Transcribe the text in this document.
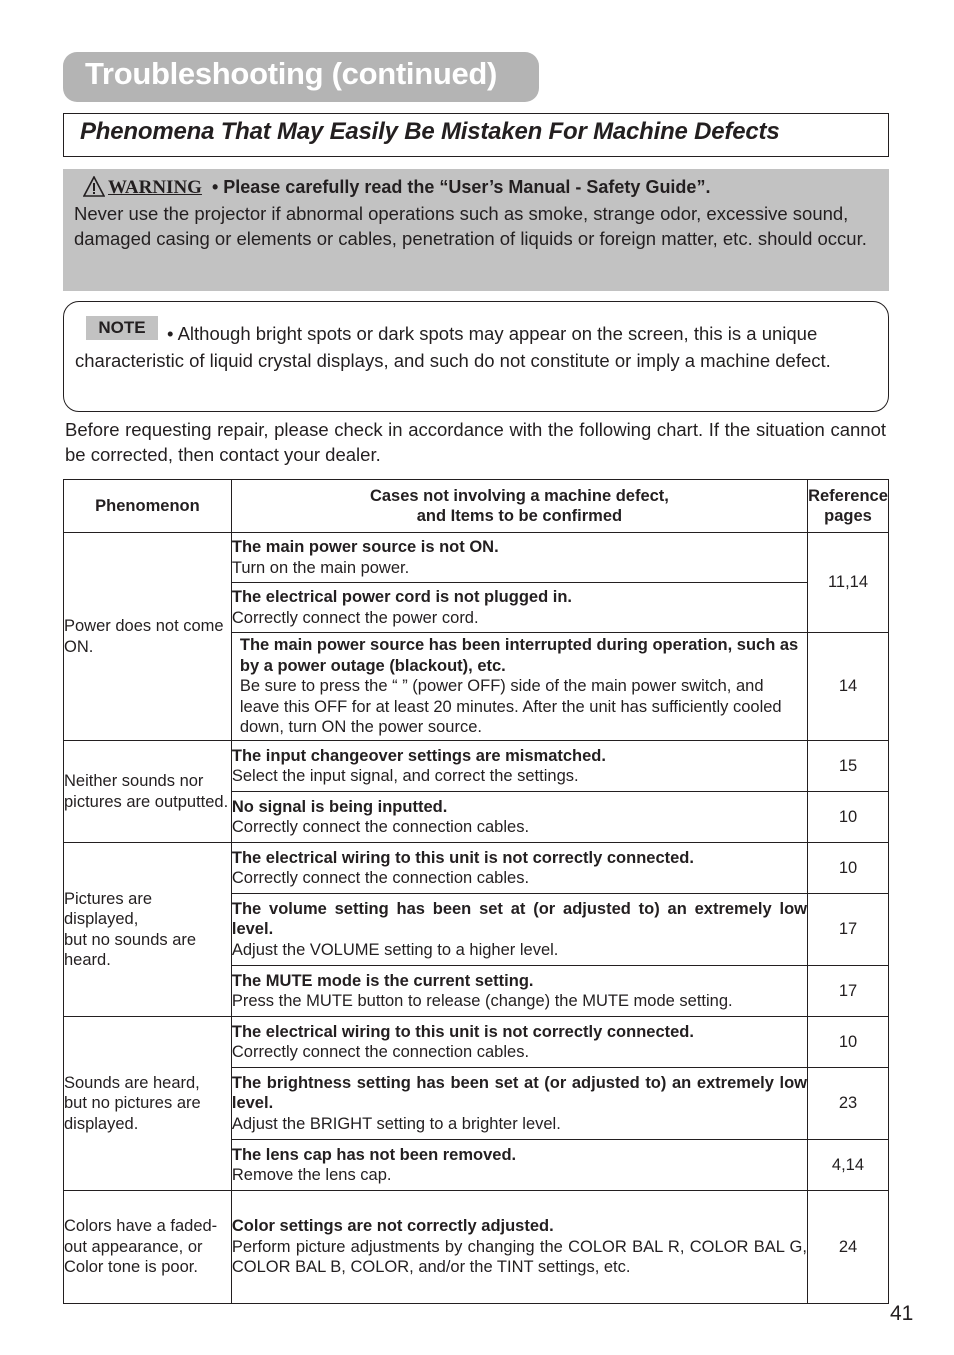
Troubleshooting (continued)
Phenomena That May Easily Be Mistaken For Machine Defects
WARNING • Please carefully read the “User’s Manual - Safety Guide”.
Never use the projector if abnormal operations such as smoke, strange odor, excessive sound, damaged casing or elements or cables, penetration of liquids or foreign matter, etc. should occur.
• Although bright spots or dark spots may appear on the screen, this is a unique characteristic of liquid crystal displays, and such do not constitute or imply a machine defect.
NOTE
Before requesting repair, please check in accordance with the following chart. If the situation cannot be corrected, then contact your dealer.
Phenomenon	Cases not involving a machine defect,
and Items to be confirmed	Reference
pages
Power does not come ON.	The main power source is not ON.
Turn on the main power.	11,14

	The electrical power cord is not plugged in.
Correctly connect the power cord.	

	The main power source has been interrupted during operation, such as by a power outage (blackout), etc.
Be sure to press the “ ” (power OFF) side of the main power switch, and leave this OFF for at least 20 minutes. After the unit has sufficiently cooled down, turn ON the power source.	14
Neither sounds nor pictures are outputted.	The input changeover settings are mismatched.
Select the input signal, and correct the settings.	15

	No signal is being inputted.
Correctly connect the connection cables.	10
Pictures are displayed,
but no sounds are heard.	The electrical wiring to this unit is not correctly connected.
Correctly connect the connection cables.	10

	The volume setting has been set at (or adjusted to) an extremely low level.
Adjust the VOLUME setting to a higher level.	17

	The MUTE mode is the current setting.
Press the MUTE button to release (change) the MUTE mode setting.	17
Sounds are heard,
but no pictures are displayed.	The electrical wiring to this unit is not correctly connected.
Correctly connect the connection cables.	10

	The brightness setting has been set at (or adjusted to) an extremely low level.
Adjust the BRIGHT setting to a brighter level.	23

	The lens cap has not been removed.
Remove the lens cap.	4,14
Colors have a faded- out appearance, or Color tone is poor.	Color settings are not correctly adjusted.
Perform picture adjustments by changing the COLOR BAL R, COLOR BAL G, COLOR BAL B, COLOR, and/or the TINT settings, etc.	24
41
